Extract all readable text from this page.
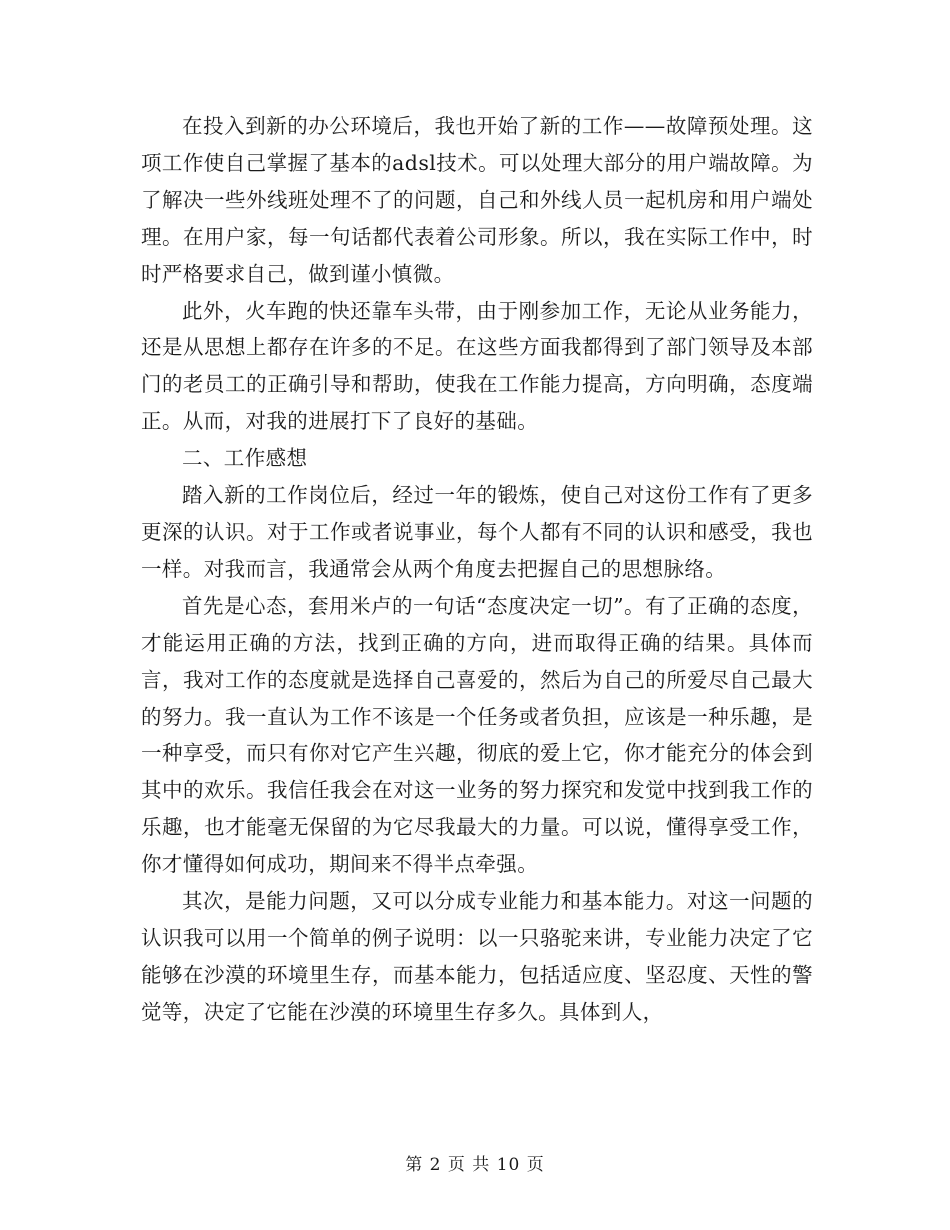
在投入到新的办公环境后，我也开始了新的工作——故障预处理。这项工作使自己掌握了基本的adsl技术。可以处理大部分的用户端故障。为了解决一些外线班处理不了的问题，自己和外线人员一起机房和用户端处理。在用户家，每一句话都代表着公司形象。所以，我在实际工作中，时时严格要求自己，做到谨小慎微。

此外，火车跑的快还靠车头带，由于刚参加工作，无论从业务能力，还是从思想上都存在许多的不足。在这些方面我都得到了部门领导及本部门的老员工的正确引导和帮助，使我在工作能力提高，方向明确，态度端正。从而，对我的进展打下了良好的基础。

二、工作感想

踏入新的工作岗位后，经过一年的锻炼，使自己对这份工作有了更多更深的认识。对于工作或者说事业，每个人都有不同的认识和感受，我也一样。对我而言，我通常会从两个角度去把握自己的思想脉络。

首先是心态，套用米卢的一句话“态度决定一切”。有了正确的态度，才能运用正确的方法，找到正确的方向，进而取得正确的结果。具体而言，我对工作的态度就是选择自己喜爱的，然后为自己的所爱尽自己最大的努力。我一直认为工作不该是一个任务或者负担，应该是一种乐趣，是一种享受，而只有你对它产生兴趣，彻底的爱上它，你才能充分的体会到其中的欢乐。我信任我会在对这一业务的努力探究和发觉中找到我工作的乐趣，也才能毫无保留的为它尽我最大的力量。可以说，懂得享受工作，你才懂得如何成功，期间来不得半点牵强。

其次，是能力问题，又可以分成专业能力和基本能力。对这一问题的认识我可以用一个简单的例子说明：以一只骆驼来讲，专业能力决定了它能够在沙漠的环境里生存，而基本能力，包括适应度、坚忍度、天性的警觉等，决定了它能在沙漠的环境里生存多久。具体到人，

第 2 页 共 10 页
